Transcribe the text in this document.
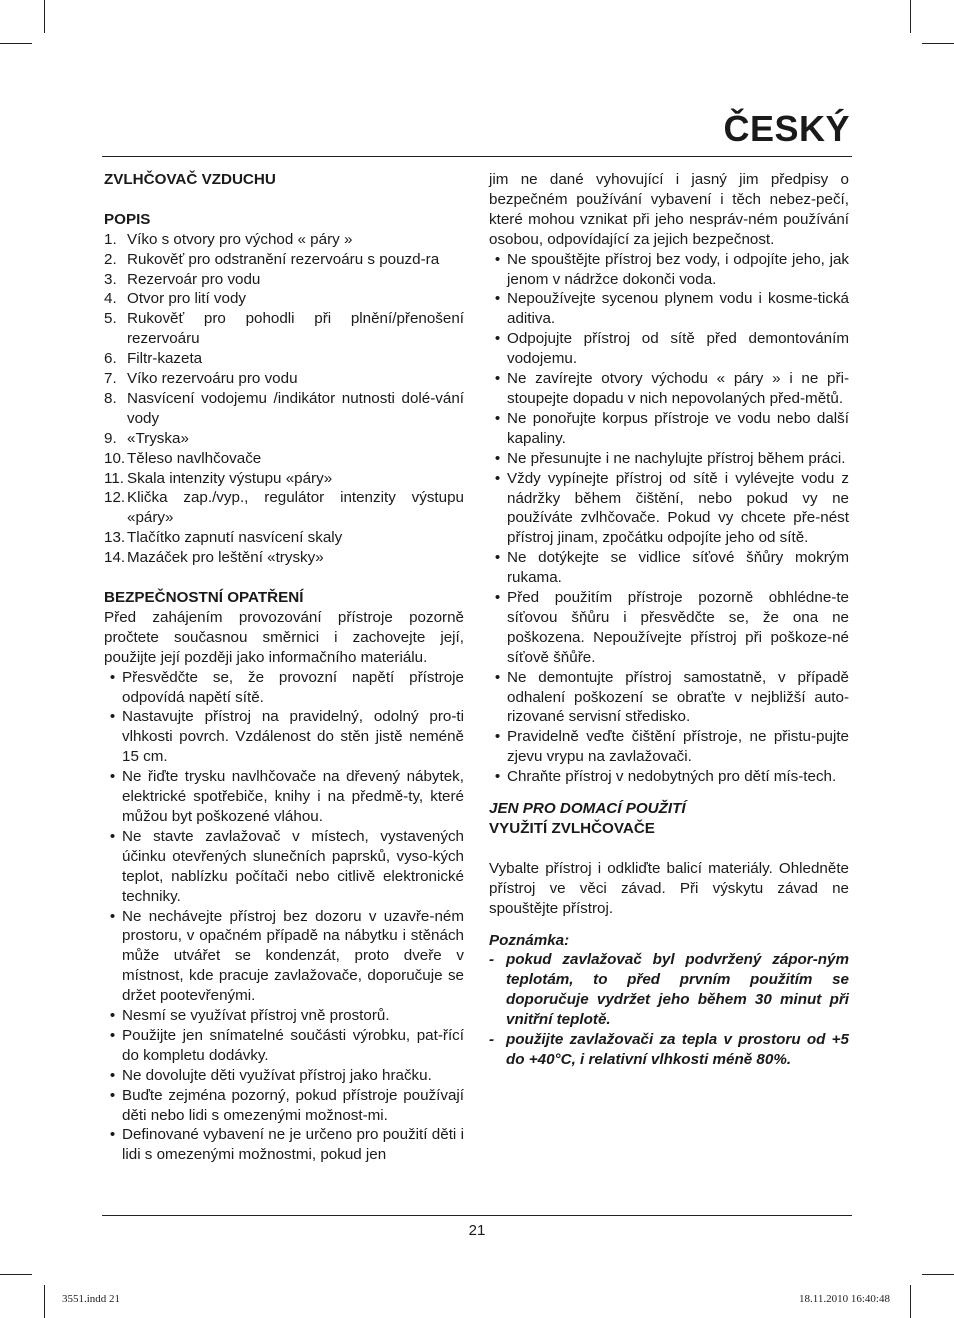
ČESKÝ
ZVLHČOVAČ VZDUCHU
POPIS
1. Víko s otvory pro východ « páry »
2. Rukověť pro odstranění rezervoáru s pouzd-ra
3. Rezervoár pro vodu
4. Otvor pro lití vody
5. Rukověť pro pohodli při plnění/přenošení rezervoáru
6. Filtr-kazeta
7. Víko rezervoáru pro vodu
8. Nasvícení vodojemu /indikátor nutnosti dolé-vání vody
9. «Tryska»
10. Těleso navlhčovače
11. Skala intenzity výstupu «páry»
12. Klička zap./vyp., regulátor intenzity výstupu «páry»
13. Tlačítko zapnutí nasvícení skaly
14. Mazáček pro leštění «trysky»
BEZPEČNOSTNÍ OPATŘENÍ

Před zahájením provozování přístroje pozorně pročtete současnou směrnici i zachovejte její, použijte její později jako informačního materiálu.

• Přesvědčte se, že provozní napětí přístroje odpovídá napětí sítě.
• Nastavujte přístroj na pravidelný, odolný pro-ti vlhkosti povrch. Vzdálenost do stěn jistě neméně 15 cm.
• Ne řiďte trysku navlhčovače na dřevený nábytek, elektrické spotřebiče, knihy i na předmě-ty, které můžou byt poškozené vláhou.
• Ne stavte zavlažovač v místech, vystavených účinku otevřených slunečních paprsků, vyso-kých teplot, nablízku počítači nebo citlivě elektronické techniky.
• Ne nechávejte přístroj bez dozoru v uzavře-ném prostoru, v opačném případě na nábytku i stěnách může utvářet se kondenzát, proto dveře v místnost, kde pracuje zavlažovače, doporučuje se držet pootevřenými.
• Nesmí se využívat přístroj vně prostorů.
• Použijte jen snímatelné součásti výrobku, pat-řící do kompletu dodávky.
• Ne dovolujte děti využívat přístroj jako hračku.
• Buďte zejména pozorný, pokud přístroje používají děti nebo lidi s omezenými možnost-mi.
• Definované vybavení ne je určeno pro použití děti i lidi s omezenými možnostmi, pokud jen

jim ne dané vyhovující i jasný jim předpisy o bezpečném používání vybavení i těch nebez-pečí, které mohou vznikat při jeho nespráv-ném používání osobou, odpovídající za jejich bezpečnost.

• Ne spouštějte přístroj bez vody, i odpojíte jeho, jak jenom v nádržce dokonči voda.
• Nepoužívejte sycenou plynem vodu i kosme-tická aditiva.
• Odpojujte přístroj od sítě před demontováním vodojemu.
• Ne zavírejte otvory východu « páry » i ne při-stoupejte dopadu v nich nepovolaných před-mětů.
• Ne ponořujte korpus přístroje ve vodu nebo další kapaliny.
• Ne přesunujte i ne nachylujte přístroj během práci.
• Vždy vypínejte přístroj od sítě i vylévejte vodu z nádržky během čištění, nebo pokud vy ne používáte zvlhčovače. Pokud vy chcete pře-nést přístroj jinam, zpočátku odpojíte jeho od sítě.
• Ne dotýkejte se vidlice síťové šňůry mokrým rukama.
• Před použitím přístroje pozorně obhlédne-te síťovou šňůru i přesvědčte se, že ona ne poškozena. Nepoužívejte přístroj při poškoze-né síťově šňůře.
• Ne demontujte přístroj samostatně, v případě odhalení poškození se obraťte v nejbližší auto-rizované servisní středisko.
• Pravidelně veďte čištění přístroje, ne přistu-pujte zjevu vrypu na zavlažovači.
• Chraňte přístroj v nedobytných pro dětí mís-tech.
JEN PRO DOMACÍ POUŽITÍ
VYUŽITÍ ZVLHČOVAČE

Vybalte přístroj i odkliďte balicí materiály. Ohledněte přístroj ve věci závad. Při výskytu závad ne spouštějte přístroj.

Poznámka:
- pokud zavlažovač byl podvržený zápor-ným teplotám, to před prvním použitím se doporučuje vydržet jeho během 30 minut při vnitřní teplotě.
- použijte zavlažovači za tepla v prostoru od +5 do +40°C, i relativní vlhkosti méně 80%.
21
3551.indd 21	18.11.2010 16:40:48
